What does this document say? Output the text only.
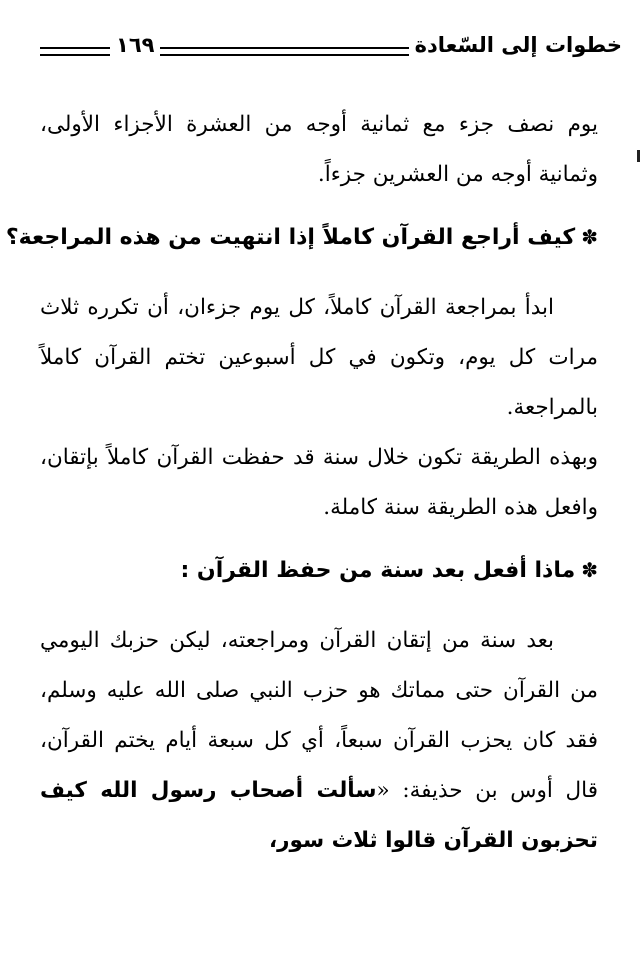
خطوات إلى السّعادة
١٦٩

يوم نصف جزء مع ثمانية أوجه من العشرة الأجزاء الأولى، وثمانية أوجه من العشرين جزءاً.

✽كيف أراجع القرآن كاملاً إذا انتهيت من هذه المراجعة؟

ابدأ بمراجعة القرآن كاملاً، كل يوم جزءان، أن تكرره ثلاث مرات كل يوم، وتكون في كل أسبوعين تختم القرآن كاملاً بالمراجعة.

وبهذه الطريقة تكون خلال سنة قد حفظت القرآن كاملاً بإتقان، وافعل هذه الطريقة سنة كاملة.

✽ماذا أفعل بعد سنة من حفظ القرآن :

بعد سنة من إتقان القرآن ومراجعته، ليكن حزبك اليومي من القرآن حتى مماتك هو حزب النبي صلى الله عليه وسلم، فقد كان يحزب القرآن سبعاً، أي كل سبعة أيام يختم القرآن، قال أوس بن حذيفة: «سألت أصحاب رسول الله كيف تحزبون القرآن قالوا ثلاث سور،
